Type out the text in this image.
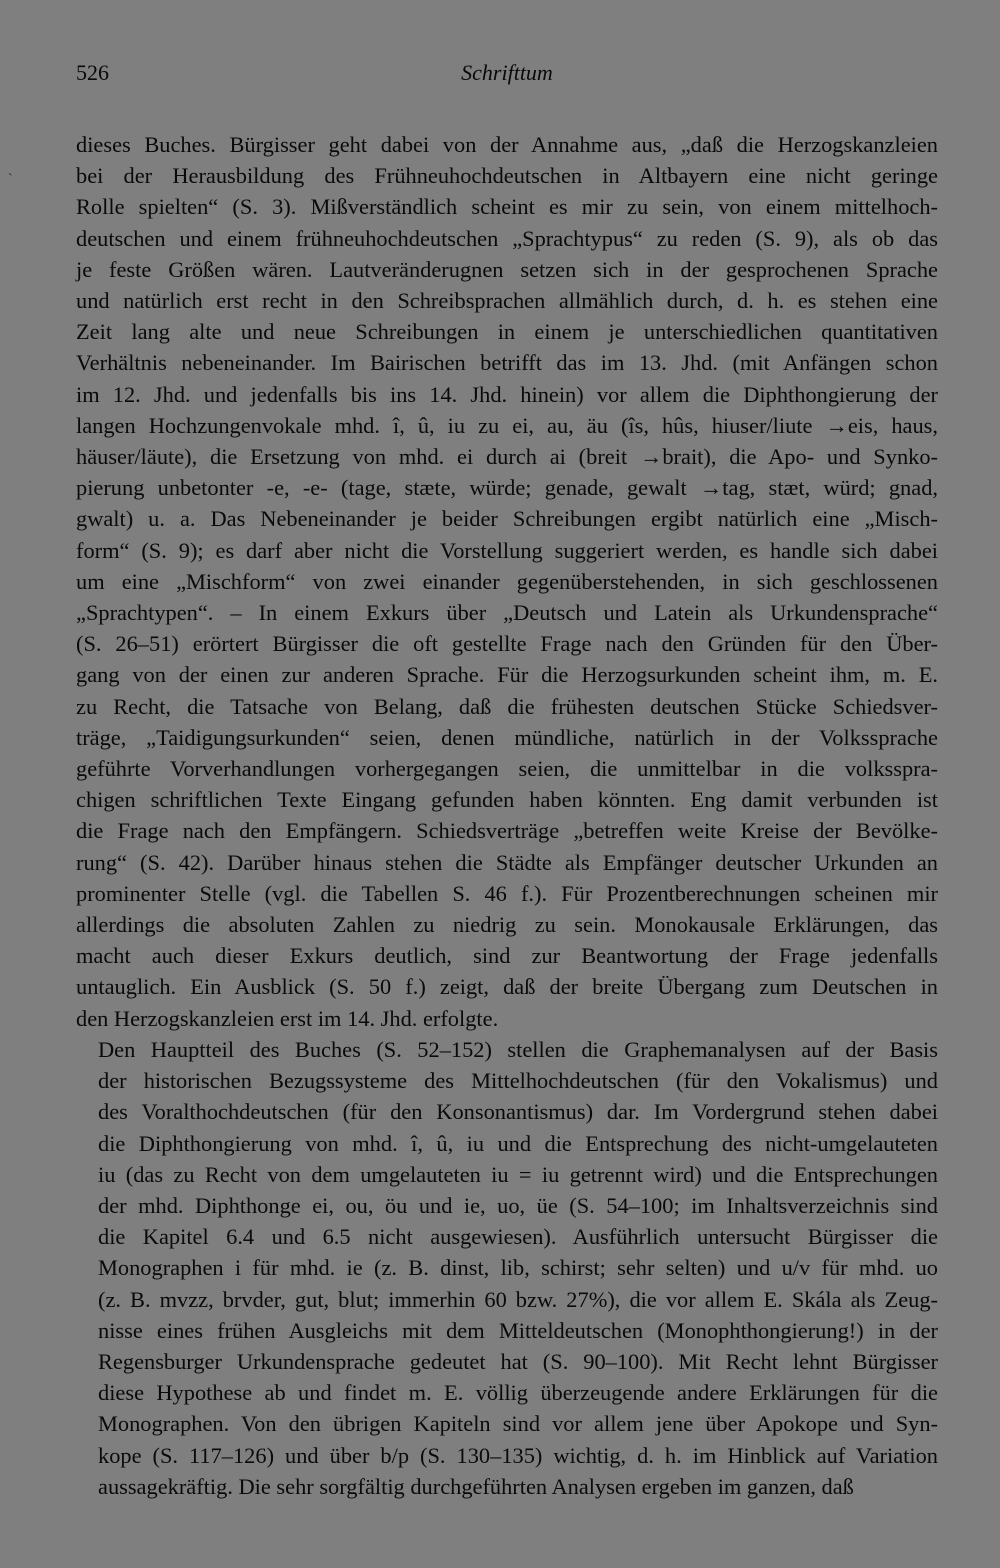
526	Schrifttum
`

dieses Buches. Bürgisser geht dabei von der Annahme aus, „daß die Herzogskanzleien
bei der Herausbildung des Frühneuhochdeutschen in Altbayern eine nicht geringe
Rolle spielten“ (S. 3). Mißverständlich scheint es mir zu sein, von einem mittelhoch-
deutschen und einem frühneuhochdeutschen „Sprachtypus“ zu reden (S. 9), als ob das
je feste Größen wären. Lautveränderugnen setzen sich in der gesprochenen Sprache
und natürlich erst recht in den Schreibsprachen allmählich durch, d. h. es stehen eine
Zeit lang alte und neue Schreibungen in einem je unterschiedlichen quantitativen
Verhältnis nebeneinander. Im Bairischen betrifft das im 13. Jhd. (mit Anfängen schon
im 12. Jhd. und jedenfalls bis ins 14. Jhd. hinein) vor allem die Diphthongierung der
langen Hochzungenvokale mhd. î, û, iu zu ei, au, äu (îs, hûs, hiuser/liute →eis, haus,
häuser/läute), die Ersetzung von mhd. ei durch ai (breit →brait), die Apo- und Synko-
pierung unbetonter -e, -e- (tage, stæte, würde; genade, gewalt →tag, stæt, würd; gnad,
gwalt) u. a. Das Nebeneinander je beider Schreibungen ergibt natürlich eine „Misch-
form“ (S. 9); es darf aber nicht die Vorstellung suggeriert werden, es handle sich dabei
um eine „Mischform“ von zwei einander gegenüberstehenden, in sich geschlossenen
„Sprachtypen“. – In einem Exkurs über „Deutsch und Latein als Urkundensprache“
(S. 26–51) erörtert Bürgisser die oft gestellte Frage nach den Gründen für den Über-
gang von der einen zur anderen Sprache. Für die Herzogsurkunden scheint ihm, m. E.
zu Recht, die Tatsache von Belang, daß die frühesten deutschen Stücke Schiedsver-
träge, „Taidigungsurkunden“ seien, denen mündliche, natürlich in der Volkssprache
geführte Vorverhandlungen vorhergegangen seien, die unmittelbar in die volksspra-
chigen schriftlichen Texte Eingang gefunden haben könnten. Eng damit verbunden ist
die Frage nach den Empfängern. Schiedsverträge „betreffen weite Kreise der Bevölke-
rung“ (S. 42). Darüber hinaus stehen die Städte als Empfänger deutscher Urkunden an
prominenter Stelle (vgl. die Tabellen S. 46 f.). Für Prozentberechnungen scheinen mir
allerdings die absoluten Zahlen zu niedrig zu sein. Monokausale Erklärungen, das
macht auch dieser Exkurs deutlich, sind zur Beantwortung der Frage jedenfalls
untauglich. Ein Ausblick (S. 50 f.) zeigt, daß der breite Übergang zum Deutschen in
den Herzogskanzleien erst im 14. Jhd. erfolgte.

Den Hauptteil des Buches (S. 52–152) stellen die Graphemanalysen auf der Basis
der historischen Bezugssysteme des Mittelhochdeutschen (für den Vokalismus) und
des Voralthochdeutschen (für den Konsonantismus) dar. Im Vordergrund stehen dabei
die Diphthongierung von mhd. î, û, iu und die Entsprechung des nicht-umgelauteten
iu (das zu Recht von dem umgelauteten iu = iu getrennt wird) und die Entsprechungen
der mhd. Diphthonge ei, ou, öu und ie, uo, üe (S. 54–100; im Inhaltsverzeichnis sind
die Kapitel 6.4 und 6.5 nicht ausgewiesen). Ausführlich untersucht Bürgisser die
Monographen i für mhd. ie (z. B. dinst, lib, schirst; sehr selten) und u/v für mhd. uo
(z. B. mvzz, brvder, gut, blut; immerhin 60 bzw. 27%), die vor allem E. Skála als Zeug-
nisse eines frühen Ausgleichs mit dem Mitteldeutschen (Monophthongierung!) in der
Regensburger Urkundensprache gedeutet hat (S. 90–100). Mit Recht lehnt Bürgisser
diese Hypothese ab und findet m. E. völlig überzeugende andere Erklärungen für die
Monographen. Von den übrigen Kapiteln sind vor allem jene über Apokope und Syn-
kope (S. 117–126) und über b/p (S. 130–135) wichtig, d. h. im Hinblick auf Variation
aussagekräftig. Die sehr sorgfältig durchgeführten Analysen ergeben im ganzen, daß
